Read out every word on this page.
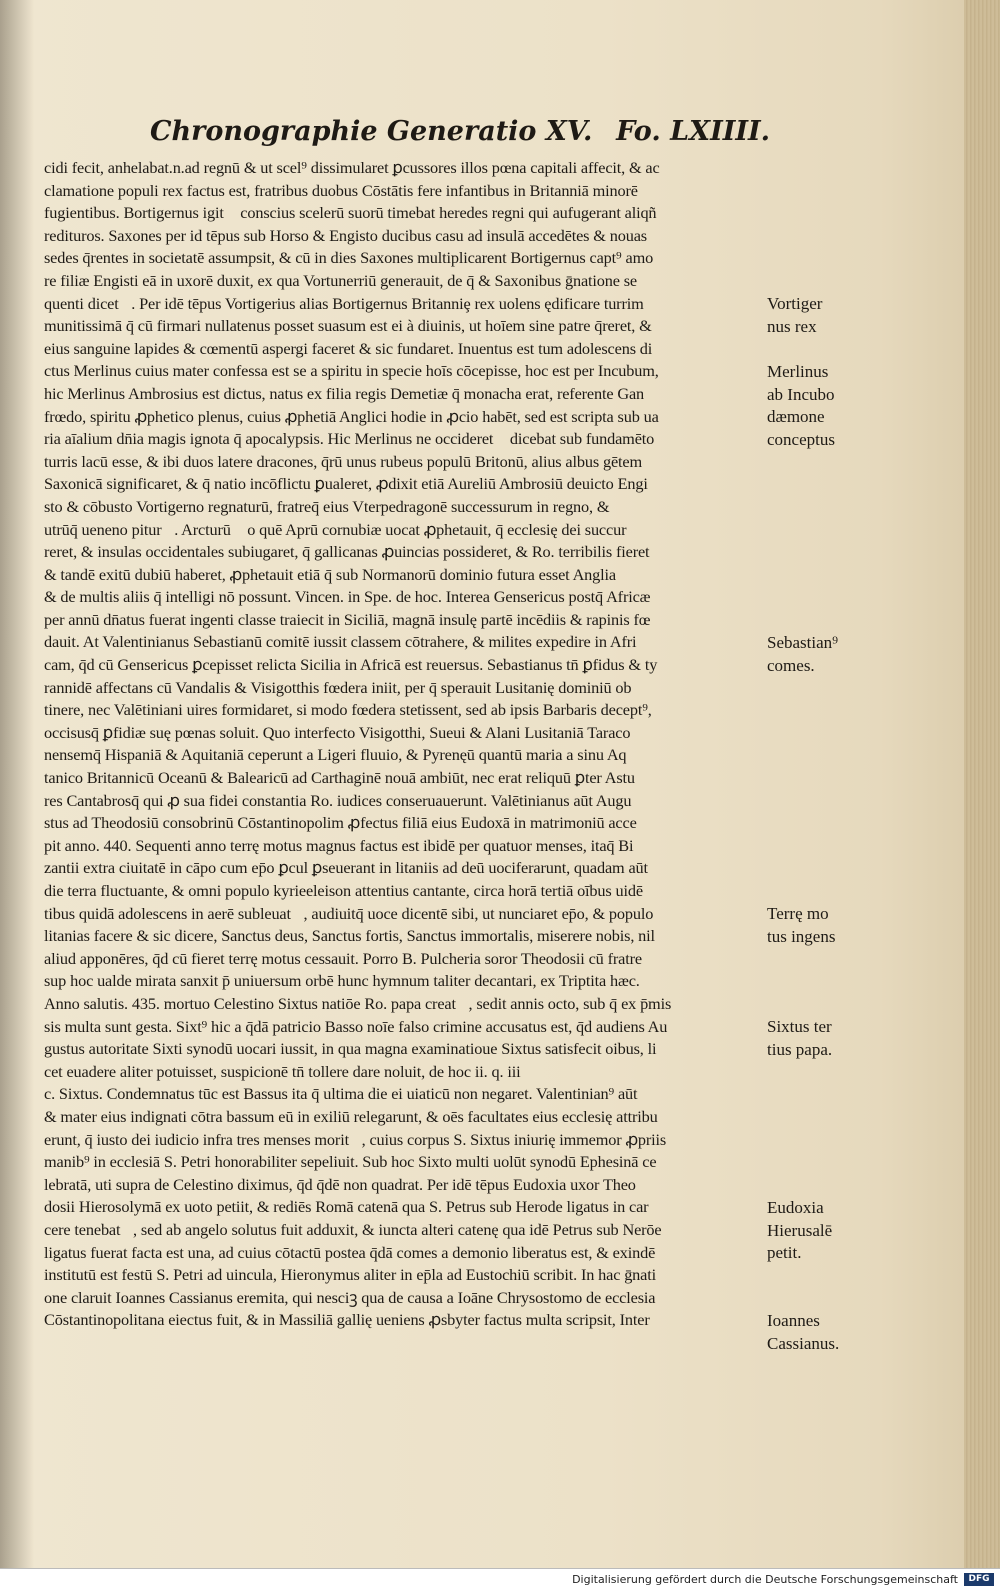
Chronographie Generatio XV. Fo. LXIIII.
cidi fecit, anhelabat.n.ad regnū & ut scel⁹ dissimularet ꝑcussores illos pœna capitali affecit, & ac
clamatione populi rex factus est, fratribus duobus Cōstātis fere infantibus in Britanniā minorē
fugientibus. Bortigernus igit᷑ conscius scelerū suorū timebat heredes regni qui aufugerant aliqñ
redituros. Saxones per id tēpus sub Horso & Engisto ducibus casu ad insulā accedētes & nouas
sedes q̄rentes in societatē assumpsit, & cū in dies Saxones multiplicarent Bortigernus capt⁹ amo
re filiæ Engisti eā in uxorē duxit, ex qua Vortunerriū generauit, de q̄ & Saxonibus ḡnatione se
quenti dicet᷑. Per idē tēpus Vortigerius alias Bortigernus Britanniȩ rex uolens ędificare turrim
munitissimā q̄ cū firmari nullatenus posset suasum est ei à diuinis, ut hoīem sine patre q̄reret, &
eius sanguine lapides & cœmentū aspergi faceret & sic fundaret. Inuentus est tum adolescens di
ctus Merlinus cuius mater confessa est se a spiritu in specie hoīs cōcepisse, hoc est per Incubum,
hic Merlinus Ambrosius est dictus, natus ex filia regis Demetiæ q̄ monacha erat, referente Gan
frœdo, spiritu ꝓphetico plenus, cuius ꝓphetiā Anglici hodie in ꝓcio habēt, sed est scripta sub ua
ria aīalium dn̄ia magis ignota q̄ apocalypsis. Hic Merlinus ne occideret᷑ dicebat sub fundamēto
turris lacū esse, & ibi duos latere dracones, q̄rū unus rubeus populū Britonū, alius albus gētem
Saxonicā significaret, & q̄ natio incōflictu ꝑualeret, ꝓdixit etiā Aureliū Ambrosiū deuicto Engi
sto & cōbusto Vortigerno regnaturū, fratreq̄ eius Vterpedragonē successurum in regno, &
utrūq̄ ueneno pitur᷑. Arcturū ꝟo quē Aprū cornubiæ uocat ꝓphetauit, q̄ ecclesię dei succur
reret, & insulas occidentales subiugaret, q̄ gallicanas ꝓuincias possideret, & Ro. terribilis fieret
& tandē exitū dubiū haberet, ꝓphetauit etiā q̄ sub Normanorū dominio futura esset Anglia
& de multis aliis q̄ intelligi nō possunt. Vincen. in Spe. de hoc. Interea Gensericus postq̄ Africæ
per annū dn̄atus fuerat ingenti classe traiecit in Siciliā, magnā insulę partē incēdiis & rapinis fœ
dauit. At Valentinianus Sebastianū comitē iussit classem cōtrahere, & milites expedire in Afri
cam, q̄d cū Gensericus ꝑcepisset relicta Sicilia in Africā est reuersus. Sebastianus tn̄ ꝑfidus & ty
rannidē affectans cū Vandalis & Visigotthis fœdera iniit, per q̄ sperauit Lusitanię dominiū ob
tinere, nec Valētiniani uires formidaret, si modo fœdera stetissent, sed ab ipsis Barbaris decept⁹,
occisusq̄ ꝑfidiæ suę pœnas soluit. Quo interfecto Visigotthi, Sueui & Alani Lusitaniā Taraco
nensemq̄ Hispaniā & Aquitaniā ceperunt a Ligeri fluuio, & Pyrenęū quantū maria a sinu Aq
tanico Britannicū Oceanū & Balearicū ad Carthaginē nouā ambiūt, nec erat reliquū ꝑter Astu
res Cantabrosq̄ qui ꝓ sua fidei constantia Ro. iudices conseruauerunt. Valētinianus aūt Augu
stus ad Theodosiū consobrinū Cōstantinopolim ꝓfectus filiā eius Eudoxā in matrimoniū acce
pit anno. 440. Sequenti anno terrę motus magnus factus est ibidē per quatuor menses, itaq̄ Bi
zantii extra ciuitatē in cāpo cum ep̄o ꝑcul ꝑseuerant in litaniis ad deū uociferarunt, quadam aūt
die terra fluctuante, & omni populo kyrieeleison attentius cantante, circa horā tertiā oībus uidē
tibus quidā adolescens in aerē subleuat᷑, audiuitq̄ uoce dicentē sibi, ut nunciaret ep̄o, & populo
litanias facere & sic dicere, Sanctus deus, Sanctus fortis, Sanctus immortalis, miserere nobis, nil
aliud apponēres, q̄d cū fieret terrę motus cessauit. Porro B. Pulcheria soror Theodosii cū fratre
sup hoc ualde mirata sanxit p̄ uniuersum orbē hunc hymnum taliter decantari, ex Triptita hæc.
Anno salutis. 435. mortuo Celestino Sixtus natiōe Ro. papa creat᷑, sedit annis octo, sub q̄ ex p̄mis
sis multa sunt gesta. Sixt⁹ hic a q̄dā patricio Basso noīe falso crimine accusatus est, q̄d audiens Au
gustus autoritate Sixti synodū uocari iussit, in qua magna examinatioue Sixtus satisfecit oibus, li
cet euadere aliter potuisset, suspicionē tn̄ tollere dare noluit, de hoc ii. q. iii
c. Sixtus. Condemnatus tūc est Bassus ita q̄ ultima die ei uiaticū non negaret. Valentinian⁹ aūt
& mater eius indignati cōtra bassum eū in exiliū relegarunt, & oēs facultates eius ecclesię attribu
erunt, q̄ iusto dei iudicio infra tres menses morit᷑, cuius corpus S. Sixtus iniurię immemor ꝓpriis
manib⁹ in ecclesiā S. Petri honorabiliter sepeliuit. Sub hoc Sixto multi uolūt synodū Ephesinā ce
lebratā, uti supra de Celestino diximus, q̄d q̄dē non quadrat. Per idē tēpus Eudoxia uxor Theo
dosii Hierosolymā ex uoto petiit, & rediēs Romā catenā qua S. Petrus sub Herode ligatus in car
cere tenebat᷑, sed ab angelo solutus fuit adduxit, & iuncta alteri catenę qua idē Petrus sub Nerōe
ligatus fuerat facta est una, ad cuius cōtactū postea q̄dā comes a demonio liberatus est, & exindē
institutū est festū S. Petri ad uincula, Hieronymus aliter in ep̄la ad Eustochiū scribit. In hac ḡnati
one claruit Ioannes Cassianus eremita, qui nesciꝫ qua de causa a Ioāne Chrysostomo de ecclesia
Cōstantinopolitana eiectus fuit, & in Massiliā gallię ueniens ꝓsbyter factus multa scripsit, Inter

Vortiger
nus rex

Merlinus
ab Incubo
dæmone
conceptus

Sebastian⁹
comes.

Terrę mo
tus ingens

Sixtus ter
tius papa.

Eudoxia
Hierusalē
petit.

Ioannes
Cassianus.

Digitalisierung gefördert durch die Deutsche Forschungsgemeinschaft	DFG
